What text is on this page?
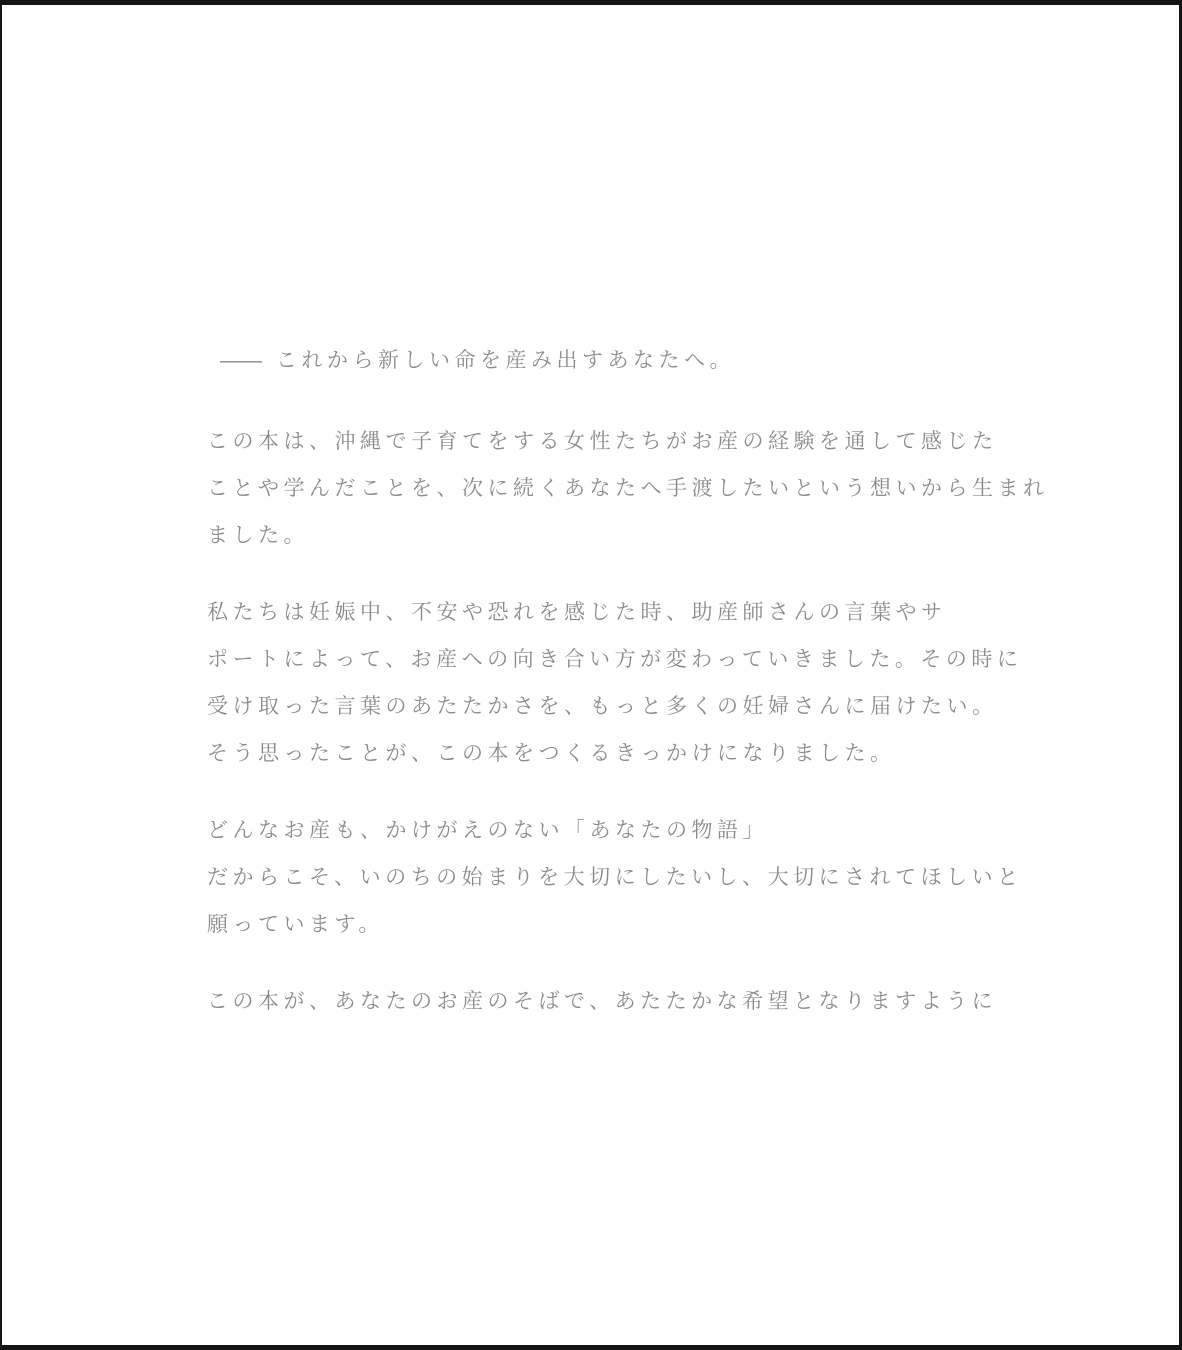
―― これから新しい命を産み出すあなたへ。
この本は、沖縄で子育てをする女性たちがお産の経験を通して感じた
ことや学んだことを、次に続くあなたへ手渡したいという想いから生まれ
ました。
私たちは妊娠中、不安や恐れを感じた時、助産師さんの言葉やサ
ポートによって、お産への向き合い方が変わっていきました。その時に
受け取った言葉のあたたかさを、もっと多くの妊婦さんに届けたい。
そう思ったことが、この本をつくるきっかけになりました。
どんなお産も、かけがえのない「あなたの物語」
だからこそ、いのちの始まりを大切にしたいし、大切にされてほしいと
願っています。
この本が、あなたのお産のそばで、あたたかな希望となりますように
